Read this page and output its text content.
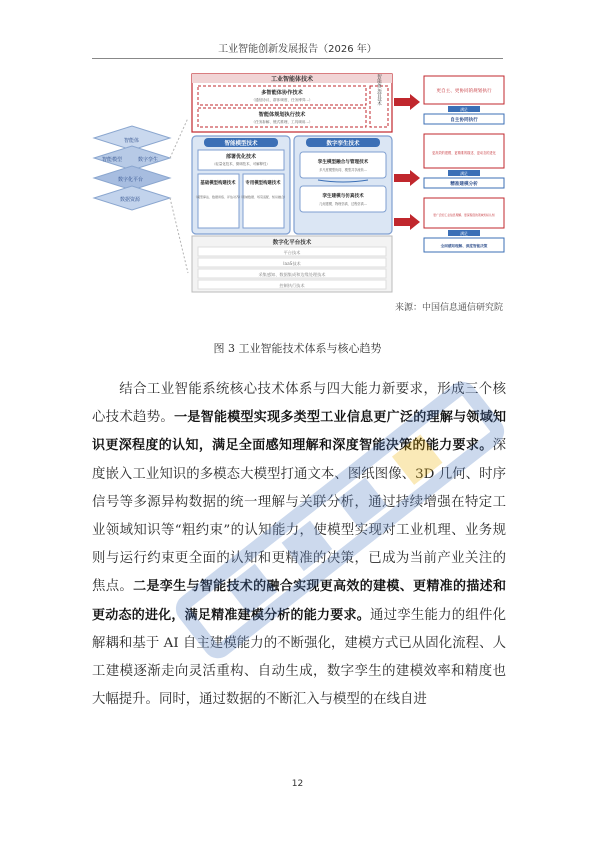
工业智能创新发展报告（2026 年）
智能体
智能模型	数字孪生
数字化平台
数据资源
工业智能体技术
多智能体协作技术
（通信协议、群体调度、任务博弈...）
智能体规划执行技术
（任务拆解、链式推理、工具调用...）
智能体运营技术
智能模型技术
部署优化技术
（轻量化技术、微调技术、可解释性）
基础模型构建技术
（模型算法、数据训练、评估对齐）
专用模型构建技术
（领域数据、场景适配、知识融合）
数字孪生技术
孪生模型融合与管理技术
多尺度模型协同、模型共享流转...
孪生建模与仿真技术
几何建模、物理仿真、过程仿真...
数字化平台技术
平台技术
IaaS技术
采集感知、数据集成和边缘处理技术
控制执行技术
更自主、更协同的规划执行
满足
自主协同执行
更高效的建模、更精准的描述、更动态的进化
满足
精准建模分析
更广泛的工业信息理解、更深程度的领域知识认知
满足
全面感知理解、深度智能决策
来源：中国信息通信研究院
图 3 工业智能技术体系与核心趋势
结合工业智能系统核心技术体系与四大能力新要求，形成三个核心技术趋势。一是智能模型实现多类型工业信息更广泛的理解与领域知识更深程度的认知，满足全面感知理解和深度智能决策的能力要求。深度嵌入工业知识的多模态大模型打通文本、图纸图像、3D 几何、时序信号等多源异构数据的统一理解与关联分析，通过持续增强在特定工业领域知识等“粗约束”的认知能力，使模型实现对工业机理、业务规则与运行约束更全面的认知和更精准的决策，已成为当前产业关注的焦点。二是孪生与智能技术的融合实现更高效的建模、更精准的描述和更动态的进化，满足精准建模分析的能力要求。通过孪生能力的组件化解耦和基于 AI 自主建模能力的不断强化，建模方式已从固化流程、人工建模逐渐走向灵活重构、自动生成，数字孪生的建模效率和精度也大幅提升。同时，通过数据的不断汇入与模型的在线自进
12
